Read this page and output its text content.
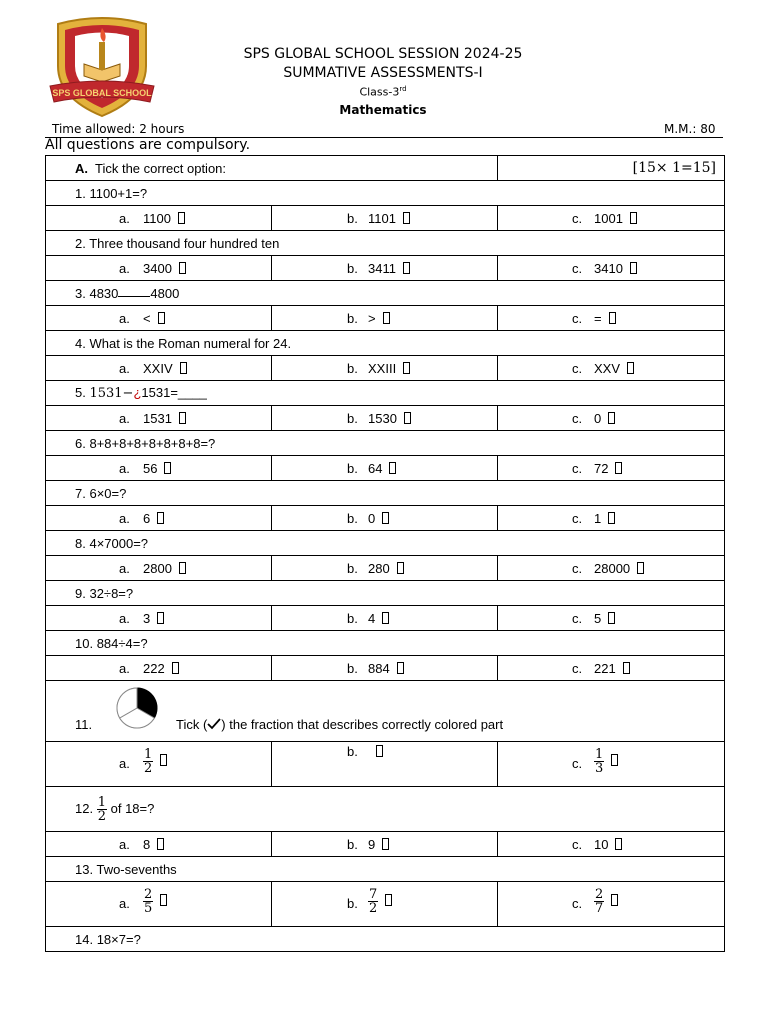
SPS GLOBAL SCHOOL
SPS GLOBAL SCHOOL SESSION 2024-25
SUMMATIVE ASSESSMENTS-I
Class-3rd
Mathematics
Time allowed: 2 hours	M.M.: 80
All questions are compulsory.
A. Tick the correct option:		[15× 1=15]
1. 1100+1=?		

a. 1100	b. 1101	c. 1001

2. Three thousand four hundred ten		

a. 3400	b. 3411	c. 3410

3. 4830 4800		

a. <	b. >	c. =

4. What is the Roman numeral for 24.		

a. XXIV	b. XXIII	c. XXV

5. 1531−¿1531=____		

a. 1531	b. 1530	c. 0

6. 8+8+8+8+8+8+8+8=?		

a. 56	b. 64	c. 72

7. 6×0=?		

a. 6	b. 0	c. 1

8. 4×7000=?		

a. 2800	b. 280	c. 28000

9. 32÷8=?		

a. 3	b. 4	c. 5

10. 884÷4=?		

a. 222	b. 884	c. 221

11. Tick ( ) the fraction that describes correctly colored part		

a. $\frac{1}{2}$	b.	c. $\frac{1}{3}$

12. $\frac{1}{2}$ of 18=?		

a. 8	b. 9	c. 10

13. Two-sevenths		

a. $\frac{2}{5}$	b. $\frac{7}{2}$	c. $\frac{2}{7}$

14. 18×7=?		
